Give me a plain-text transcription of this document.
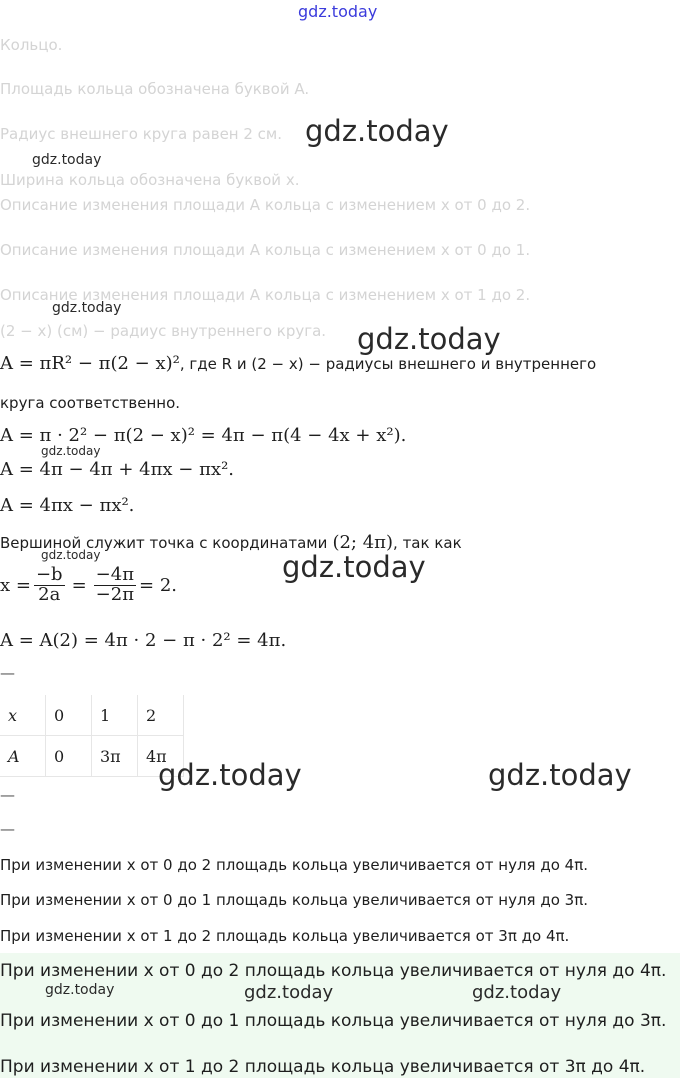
gdz.today
Кольцо.
Площадь кольца обозначена буквой A.
Радиус внешнего круга равен 2 см.
Ширина кольца обозначена буквой x.
Описание изменения площади A кольца с изменением x от 0 до 2.
Описание изменения площади A кольца с изменением x от 0 до 1.
Описание изменения площади A кольца с изменением x от 1 до 2.
(2 − x) (см) − радиус внутреннего круга.
A = πR² − π(2 − x)², где R и (2 − x) − радиусы внешнего и внутреннего
круга соответственно.
A = π · 2² − π(2 − x)² = 4π − π(4 − 4x + x²).
A = 4π − 4π + 4πx − πx².
A = 4πx − πx².
Вершиной служит точка с координатами (2; 4π), так как
$x = \frac{-b}{2a} = \frac{-4\pi}{-2\pi} = 2$.
A = A(2) = 4π · 2 − π · 2² = 4π.
—
x	0	1	2
A	0	3π	4π
—
—
При изменении x от 0 до 2 площадь кольца увеличивается от нуля до 4π.
При изменении x от 0 до 1 площадь кольца увеличивается от нуля до 3π.
При изменении x от 1 до 2 площадь кольца увеличивается от 3π до 4π.
При изменении x от 0 до 2 площадь кольца увеличивается от нуля до 4π.
При изменении x от 0 до 1 площадь кольца увеличивается от нуля до 3π.
При изменении x от 1 до 2 площадь кольца увеличивается от 3π до 4π.
gdz.today
gdz.today
gdz.today
gdz.today
gdz.today
gdz.today	gdz.today
gdz.today	gdz.today
gdz.today	gdz.today	gdz.today
